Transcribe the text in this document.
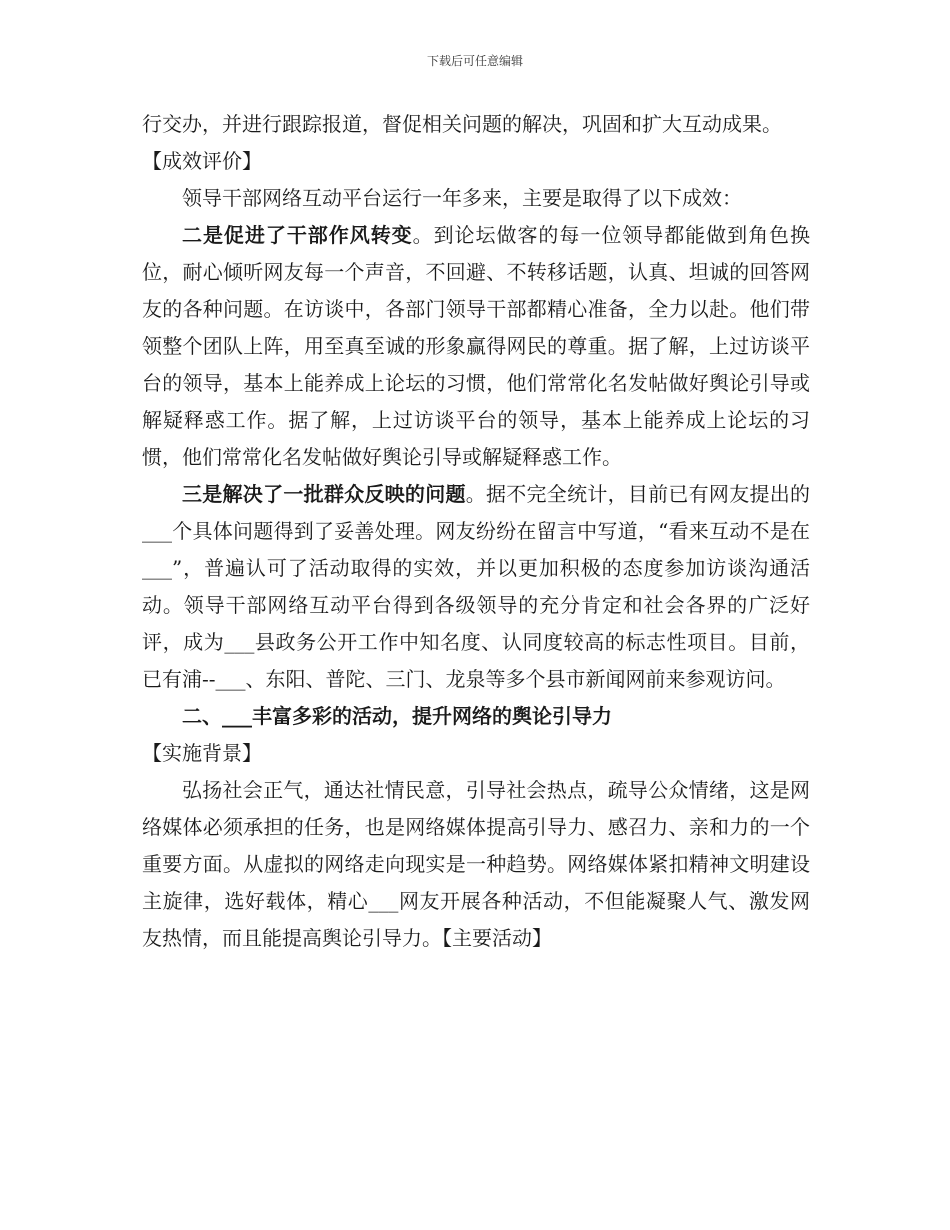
下载后可任意编辑

行交办，并进行跟踪报道，督促相关问题的解决，巩固和扩大互动成果。

【成效评价】

领导干部网络互动平台运行一年多来，主要是取得了以下成效：

二是促进了干部作风转变。到论坛做客的每一位领导都能做到角色换位，耐心倾听网友每一个声音，不回避、不转移话题，认真、坦诚的回答网友的各种问题。在访谈中，各部门领导干部都精心准备，全力以赴。他们带领整个团队上阵，用至真至诚的形象赢得网民的尊重。据了解，上过访谈平台的领导，基本上能养成上论坛的习惯，他们常常化名发帖做好舆论引导或解疑释惑工作。据了解，上过访谈平台的领导，基本上能养成上论坛的习惯，他们常常化名发帖做好舆论引导或解疑释惑工作。

三是解决了一批群众反映的问题。据不完全统计，目前已有网友提出的___个具体问题得到了妥善处理。网友纷纷在留言中写道，“看来互动不是在___”，普遍认可了活动取得的实效，并以更加积极的态度参加访谈沟通活动。领导干部网络互动平台得到各级领导的充分肯定和社会各界的广泛好评，成为___县政务公开工作中知名度、认同度较高的标志性项目。目前，已有浦--___、东阳、普陀、三门、龙泉等多个县市新闻网前来参观访问。

二、___丰富多彩的活动，提升网络的舆论引导力

【实施背景】

弘扬社会正气，通达社情民意，引导社会热点，疏导公众情绪，这是网络媒体必须承担的任务，也是网络媒体提高引导力、感召力、亲和力的一个重要方面。从虚拟的网络走向现实是一种趋势。网络媒体紧扣精神文明建设主旋律，选好载体，精心___网友开展各种活动，不但能凝聚人气、激发网友热情，而且能提高舆论引导力。【主要活动】
